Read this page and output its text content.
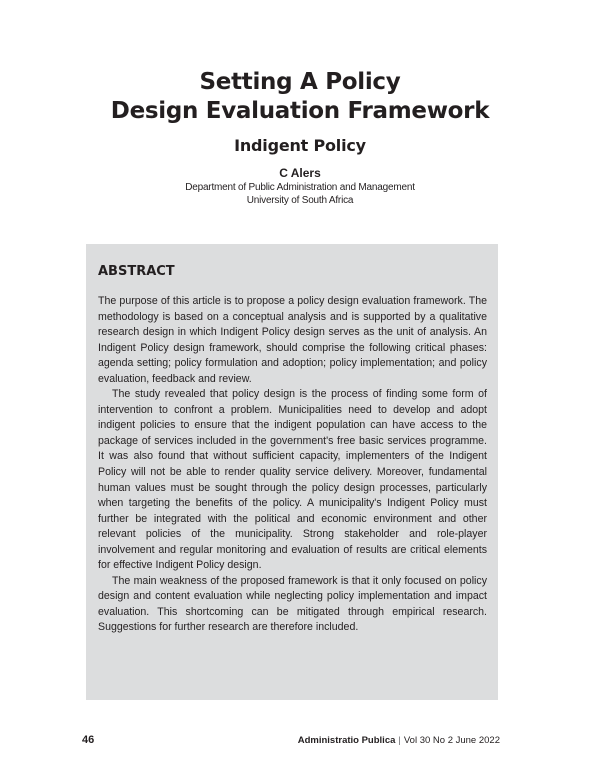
Setting A Policy
Design Evaluation Framework
Indigent Policy
C Alers
Department of Public Administration and Management
University of South Africa
ABSTRACT

The purpose of this article is to propose a policy design evaluation framework. The methodology is based on a conceptual analysis and is supported by a qualitative research design in which Indigent Policy design serves as the unit of analysis. An Indigent Policy design framework, should comprise the following critical phases: agenda setting; policy formulation and adoption; policy implementation; and policy evaluation, feedback and review.

The study revealed that policy design is the process of finding some form of intervention to confront a problem. Municipalities need to develop and adopt indigent policies to ensure that the indigent population can have access to the package of services included in the government's free basic services programme. It was also found that without sufficient capacity, implementers of the Indigent Policy will not be able to render quality service delivery. Moreover, fundamental human values must be sought through the policy design processes, particularly when targeting the benefits of the policy. A municipality's Indigent Policy must further be integrated with the political and economic environment and other relevant policies of the municipality. Strong stakeholder and role-player involvement and regular monitoring and evaluation of results are critical elements for effective Indigent Policy design.

The main weakness of the proposed framework is that it only focused on policy design and content evaluation while neglecting policy implementation and impact evaluation. This shortcoming can be mitigated through empirical research. Suggestions for further research are therefore included.

46	Administratio Publica | Vol 30 No 2 June 2022
